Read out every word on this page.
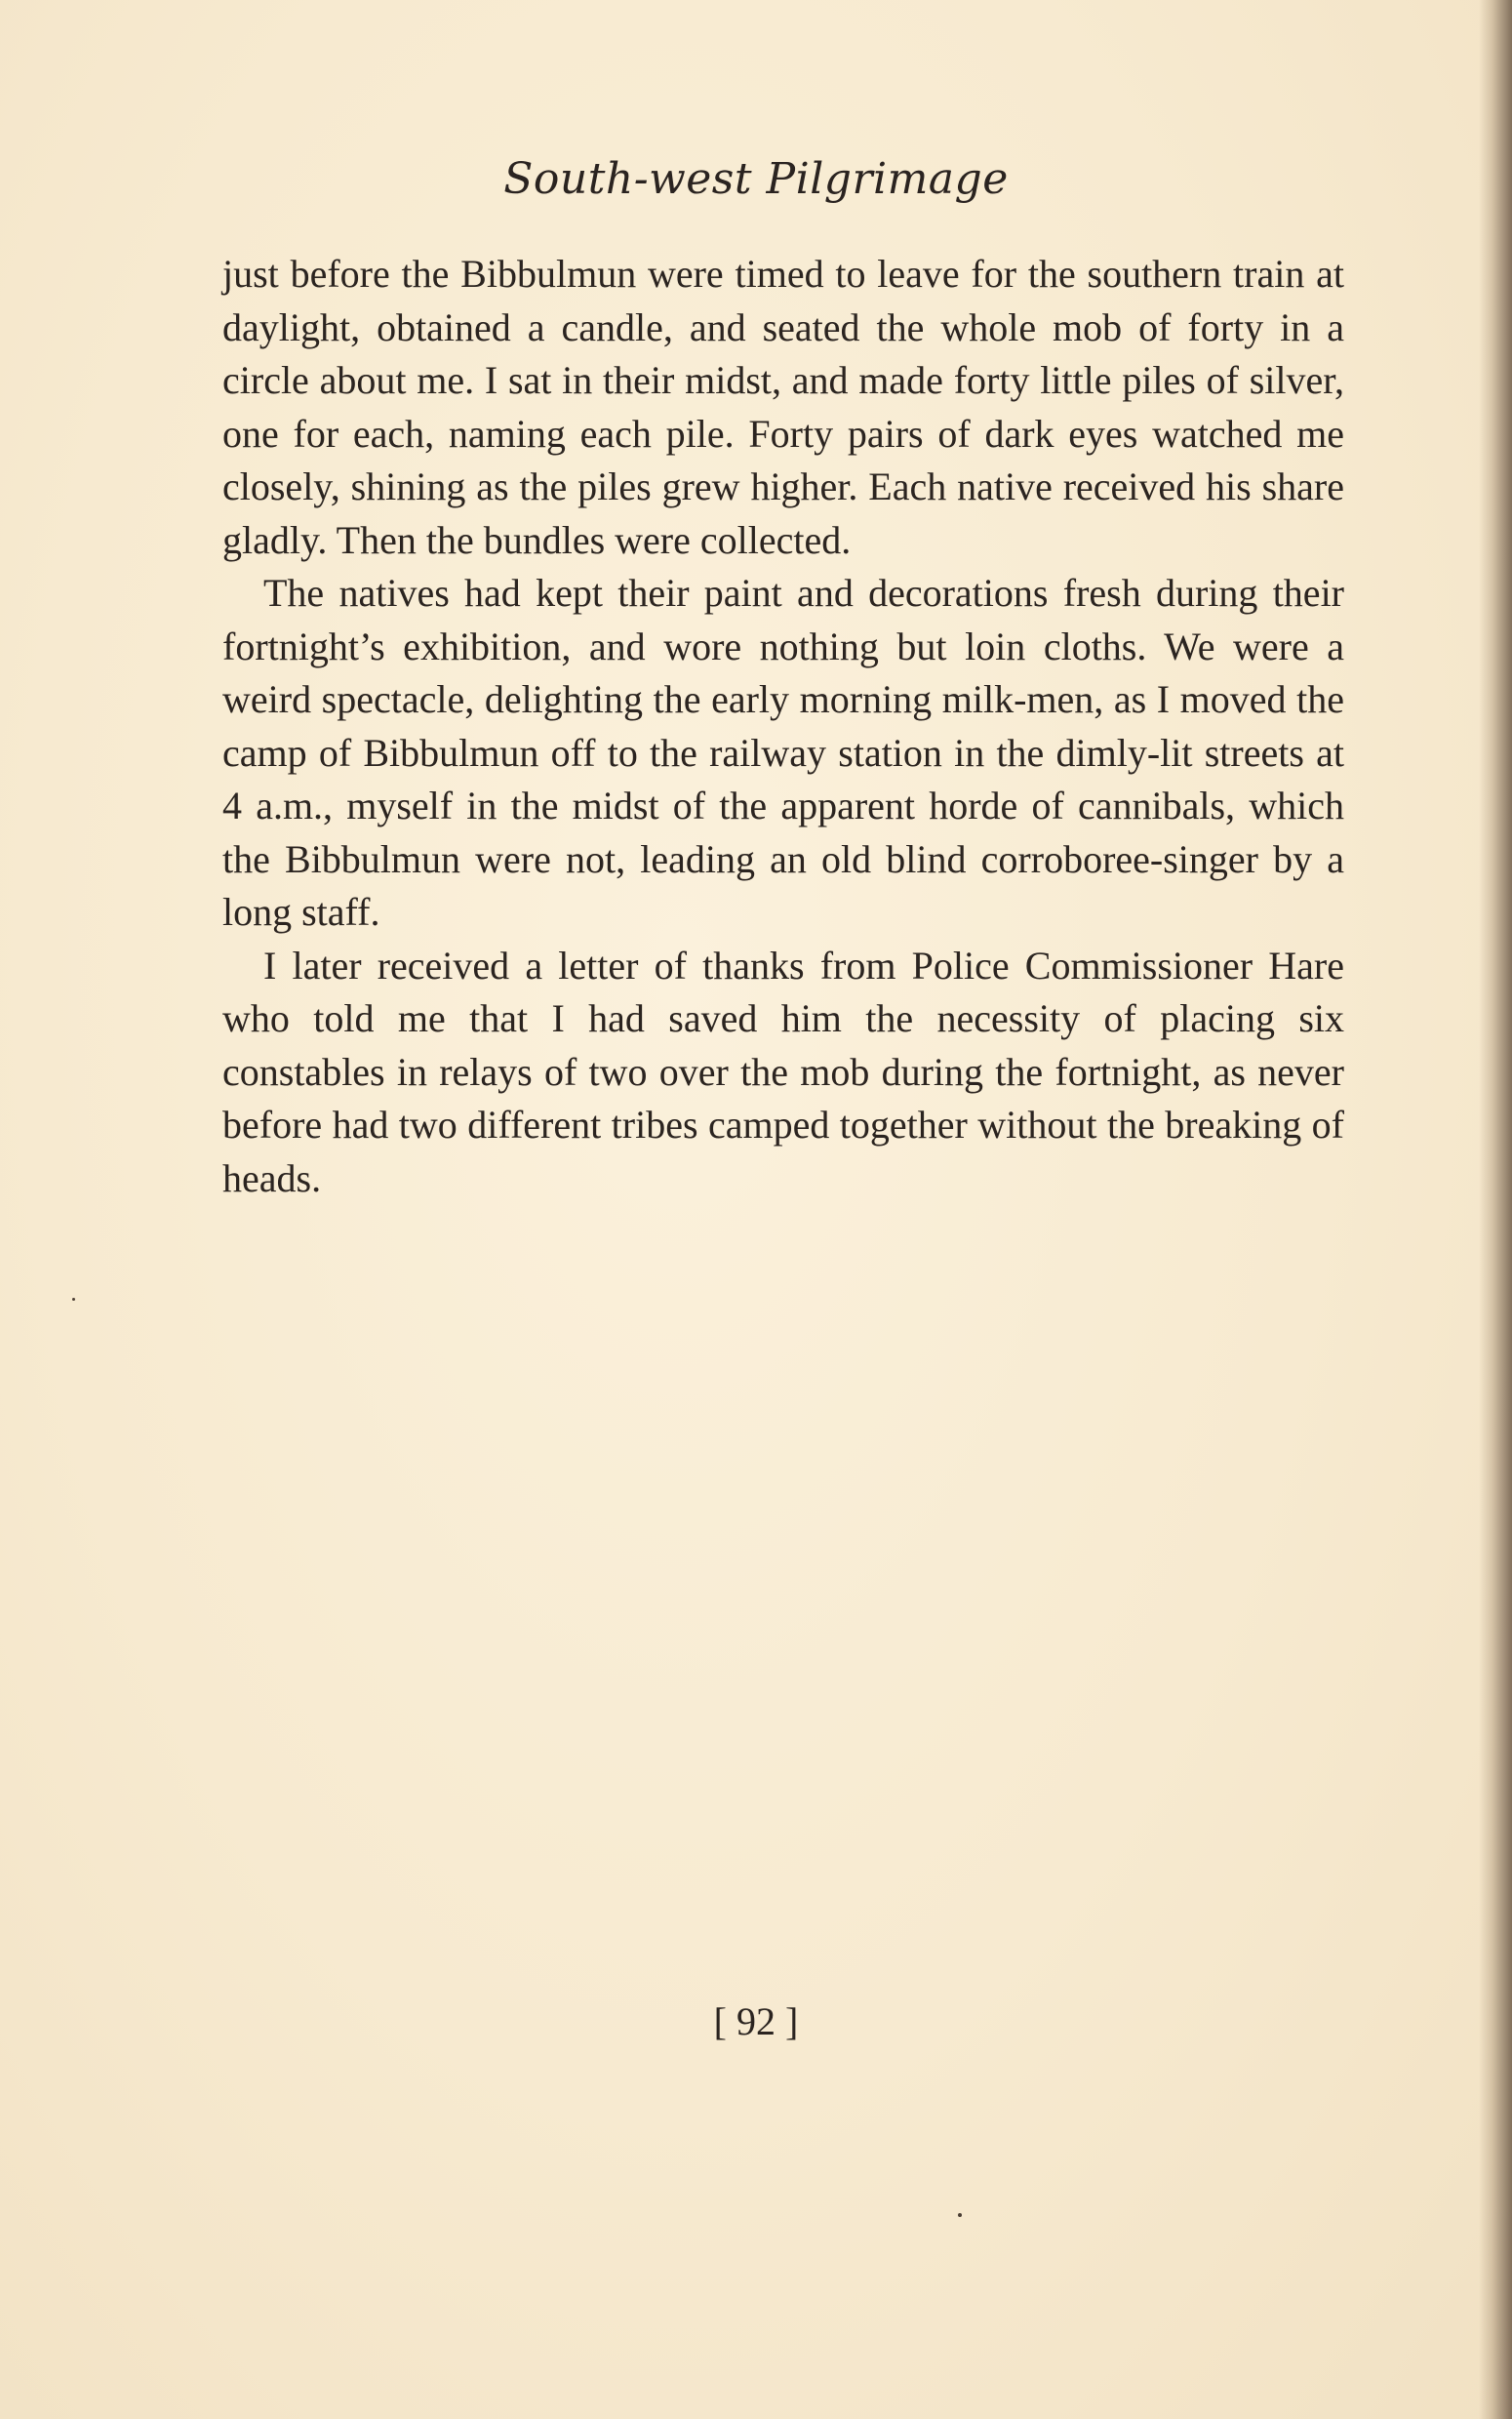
South-west Pilgrimage

just before the Bibbulmun were timed to leave for the southern train at daylight, obtained a candle, and seated the whole mob of forty in a circle about me. I sat in their midst, and made forty little piles of silver, one for each, naming each pile. Forty pairs of dark eyes watched me closely, shining as the piles grew higher. Each native received his share gladly. Then the bundles were collected.

The natives had kept their paint and decorations fresh during their fortnight’s exhibition, and wore nothing but loin cloths. We were a weird spectacle, delighting the early morning milk-men, as I moved the camp of Bibbulmun off to the railway station in the dimly-lit streets at 4 a.m., myself in the midst of the apparent horde of cannibals, which the Bibbulmun were not, leading an old blind corroboree-singer by a long staff.

I later received a letter of thanks from Police Commissioner Hare who told me that I had saved him the necessity of placing six constables in relays of two over the mob during the fortnight, as never before had two different tribes camped together without the breaking of heads.

[ 92 ]
